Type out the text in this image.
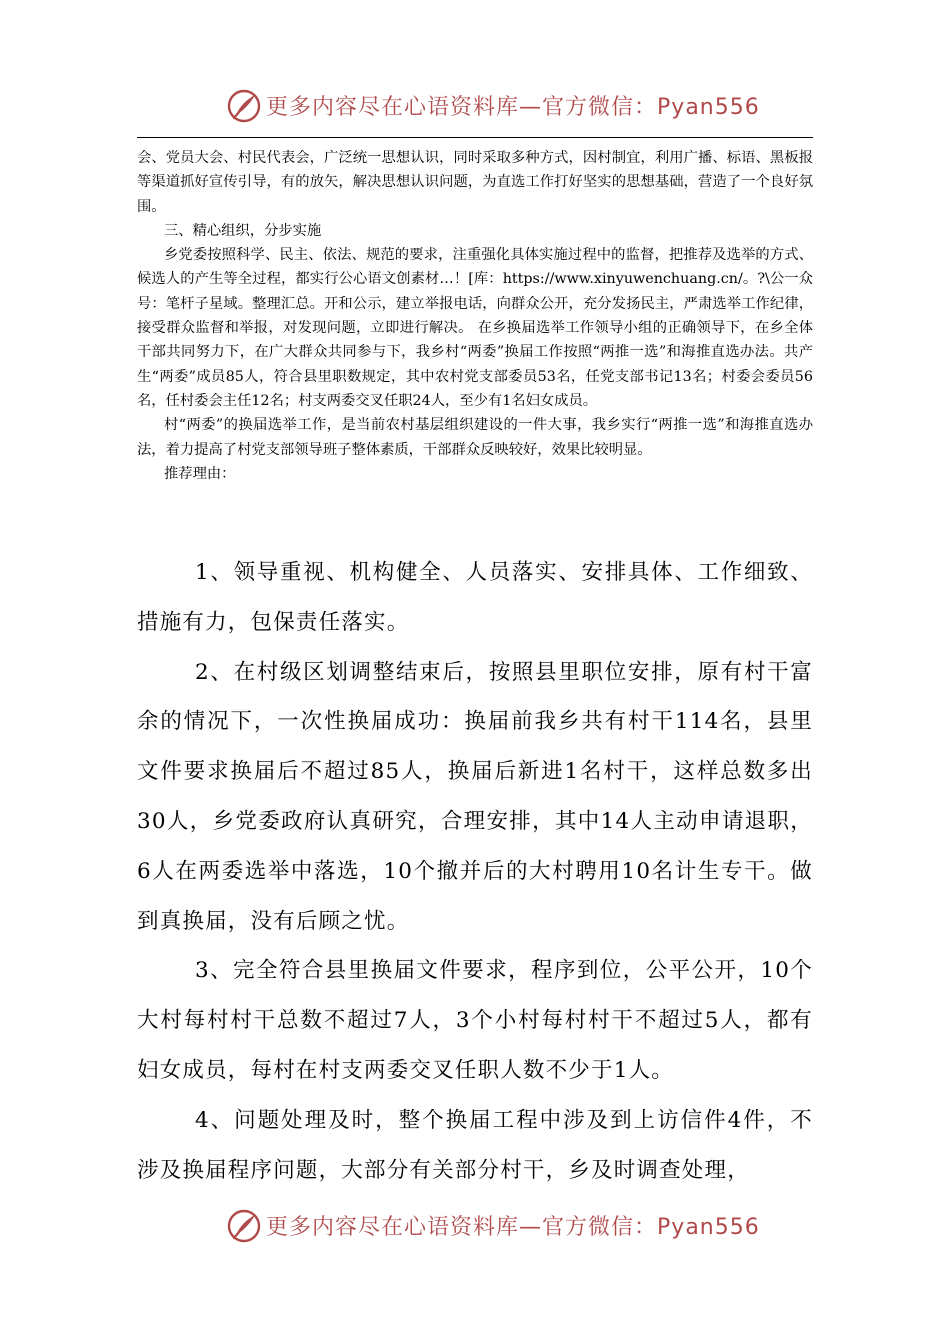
更多内容尽在心语资料库—官方微信：Pyan556

会、党员大会、村民代表会，广泛统一思想认识，同时采取多种方式，因村制宜，利用广播、标语、黑板报等渠道抓好宣传引导，有的放矢，解决思想认识问题，为直选工作打好坚实的思想基础，营造了一个良好氛围。

三、精心组织，分步实施

乡党委按照科学、民主、依法、规范的要求，注重强化具体实施过程中的监督，把推荐及选举的方式、候选人的产生等全过程，都实行公心语文创素材…！[库：https://www.xinyuwenchuang.cn/。?\公一众号：笔杆子星域。整理汇总。开和公示，建立举报电话，向群众公开，充分发扬民主，严肃选举工作纪律，接受群众监督和举报，对发现问题，立即进行解决。 在乡换届选举工作领导小组的正确领导下，在乡全体干部共同努力下，在广大群众共同参与下，我乡村“两委”换届工作按照“两推一选”和海推直选办法。共产生“两委”成员85人，符合县里职数规定，其中农村党支部委员53名，任党支部书记13名；村委会委员56名，任村委会主任12名；村支两委交叉任职24人，至少有1名妇女成员。

村“两委”的换届选举工作，是当前农村基层组织建设的一件大事，我乡实行“两推一选”和海推直选办法，着力提高了村党支部领导班子整体素质，干部群众反映较好，效果比较明显。

推荐理由：

1、领导重视、机构健全、人员落实、安排具体、工作细致、措施有力，包保责任落实。

2、在村级区划调整结束后，按照县里职位安排，原有村干富余的情况下，一次性换届成功：换届前我乡共有村干114名，县里文件要求换届后不超过85人，换届后新进1名村干，这样总数多出30人，乡党委政府认真研究，合理安排，其中14人主动申请退职，6人在两委选举中落选，10个撤并后的大村聘用10名计生专干。做到真换届，没有后顾之忧。

3、完全符合县里换届文件要求，程序到位，公平公开，10个大村每村村干总数不超过7人，3个小村每村村干不超过5人，都有妇女成员，每村在村支两委交叉任职人数不少于1人。

4、问题处理及时，整个换届工程中涉及到上访信件4件，不涉及换届程序问题，大部分有关部分村干，乡及时调查处理，

更多内容尽在心语资料库—官方微信：Pyan556
